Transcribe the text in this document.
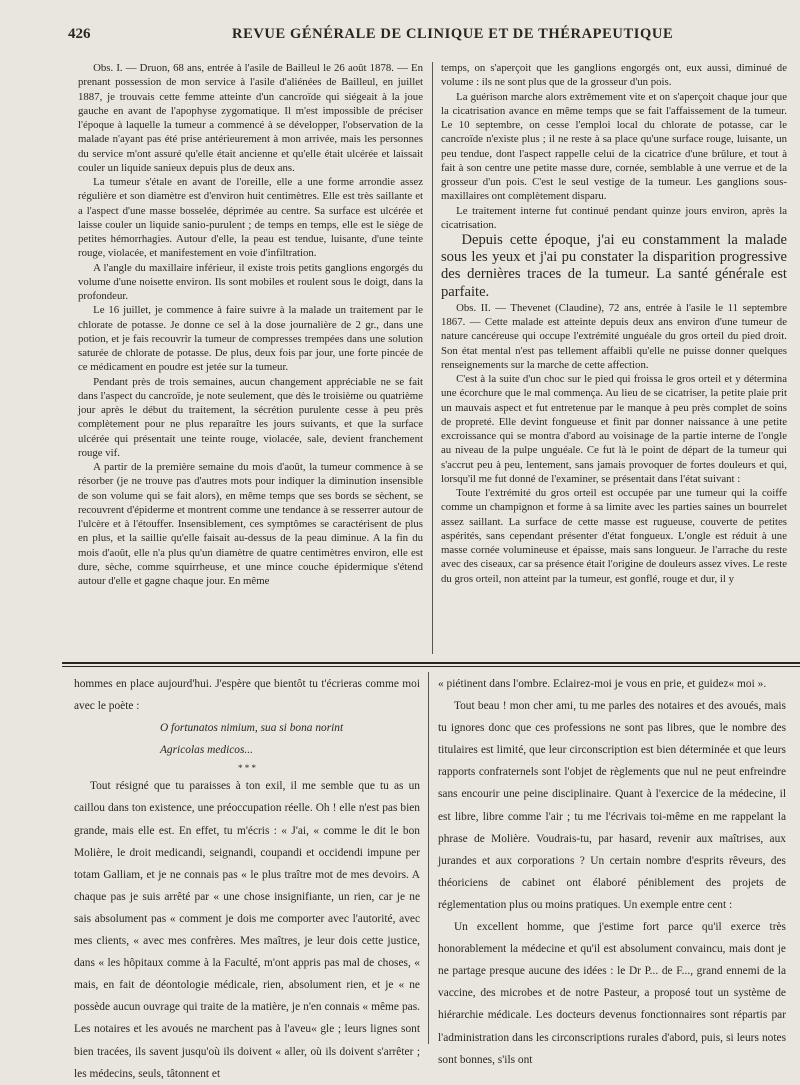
426	REVUE GÉNÉRALE DE CLINIQUE ET DE THÉRAPEUTIQUE

Obs. I. — Druon, 68 ans, entrée à l'asile de Bailleul le 26 août 1878. — En prenant possession de mon service à l'asile d'aliénées de Bailleul, en juillet 1887, je trouvais cette femme atteinte d'un cancroïde qui siégeait à la joue gauche en avant de l'apophyse zygomatique. Il m'est impossible de préciser l'époque à laquelle la tumeur a commencé à se développer, l'observation de la malade n'ayant pas été prise antérieurement à mon arrivée, mais les personnes du service m'ont assuré qu'elle était ancienne et qu'elle était ulcérée et laissait couler un liquide sanieux depuis plus de deux ans.

La tumeur s'étale en avant de l'oreille, elle a une forme arrondie assez régulière et son diamètre est d'environ huit centimètres. Elle est très saillante et a l'aspect d'une masse bosselée, déprimée au centre. Sa surface est ulcérée et laisse couler un liquide sanio-purulent ; de temps en temps, elle est le siège de petites hémorrhagies. Autour d'elle, la peau est tendue, luisante, d'une teinte rouge, violacée, et manifestement en voie d'infiltration.

A l'angle du maxillaire inférieur, il existe trois petits ganglions engorgés du volume d'une noisette environ. Ils sont mobiles et roulent sous le doigt, dans la profondeur.

Le 16 juillet, je commence à faire suivre à la malade un traitement par le chlorate de potasse. Je donne ce sel à la dose journalière de 2 gr., dans une potion, et je fais recouvrir la tumeur de compresses trempées dans une solution saturée de chlorate de potasse. De plus, deux fois par jour, une forte pincée de ce médicament en poudre est jetée sur la tumeur.

Pendant près de trois semaines, aucun changement appréciable ne se fait dans l'aspect du cancroïde, je note seulement, que dès le troisième ou quatrième jour après le début du traitement, la sécrétion purulente cesse à peu près complètement pour ne plus reparaître les jours suivants, et que la surface ulcérée qui présentait une teinte rouge, violacée, sale, devient franchement rouge vif.

A partir de la première semaine du mois d'août, la tumeur commence à se résorber (je ne trouve pas d'autres mots pour indiquer la diminution insensible de son volume qui se fait alors), en même temps que ses bords se sèchent, se recouvrent d'épiderme et montrent comme une tendance à se resserrer autour de l'ulcère et à l'étouffer. Insensiblement, ces symptômes se caractérisent de plus en plus, et la saillie qu'elle faisait au-dessus de la peau diminue. A la fin du mois d'août, elle n'a plus qu'un diamètre de quatre centimètres environ, elle est dure, sèche, comme squirrheuse, et une mince couche épidermique s'étend autour d'elle et gagne chaque jour. En même

temps, on s'aperçoit que les ganglions engorgés ont, eux aussi, diminué de volume : ils ne sont plus que de la grosseur d'un pois.

La guérison marche alors extrêmement vite et on s'aperçoit chaque jour que la cicatrisation avance en même temps que se fait l'affaissement de la tumeur. Le 10 septembre, on cesse l'emploi local du chlorate de potasse, car le cancroïde n'existe plus ; il ne reste à sa place qu'une surface rouge, luisante, un peu tendue, dont l'aspect rappelle celui de la cicatrice d'une brûlure, et tout à fait à son centre une petite masse dure, cornée, semblable à une verrue et de la grosseur d'un pois. C'est le seul vestige de la tumeur. Les ganglions sous-maxillaires ont complètement disparu.

Le traitement interne fut continué pendant quinze jours environ, après la cicatrisation.

Depuis cette époque, j'ai eu constamment la malade sous les yeux et j'ai pu constater la disparition progressive des dernières traces de la tumeur. La santé générale est parfaite.

Obs. II. — Thevenet (Claudine), 72 ans, entrée à l'asile le 11 septembre 1867. — Cette malade est atteinte depuis deux ans environ d'une tumeur de nature cancéreuse qui occupe l'extrémité unguéale du gros orteil du pied droit. Son état mental n'est pas tellement affaibli qu'elle ne puisse donner quelques renseignements sur la marche de cette affection.

C'est à la suite d'un choc sur le pied qui froissa le gros orteil et y détermina une écorchure que le mal commença. Au lieu de se cicatriser, la petite plaie prit un mauvais aspect et fut entretenue par le manque à peu près complet de soins de propreté. Elle devint fongueuse et finit par donner naissance à une petite excroissance qui se montra d'abord au voisinage de la partie interne de l'ongle au niveau de la pulpe unguéale. Ce fut là le point de départ de la tumeur qui s'accrut peu à peu, lentement, sans jamais provoquer de fortes douleurs et qui, lorsqu'il me fut donné de l'examiner, se présentait dans l'état suivant :

Toute l'extrémité du gros orteil est occupée par une tumeur qui la coiffe comme un champignon et forme à sa limite avec les parties saines un bourrelet assez saillant. La surface de cette masse est rugueuse, couverte de petites aspérités, sans cependant présenter d'état fongueux. L'ongle est réduit à une masse cornée volumineuse et épaisse, mais sans longueur. Je l'arrache du reste avec des ciseaux, car sa présence était l'origine de douleurs assez vives. Le reste du gros orteil, non atteint par la tumeur, est gonflé, rouge et dur, il y

hommes en place aujourd'hui. J'espère que bientôt tu t'écrieras comme moi avec le poète :

O fortunatos nimium, sua si bona norint

Agricolas medicos...

* * *

Tout résigné que tu paraisses à ton exil, il me semble que tu as un caillou dans ton existence, une préoccupation réelle. Oh ! elle n'est pas bien grande, mais elle est. En effet, tu m'écris : « J'ai, « comme le dit le bon Molière, le droit medicandi, seignandi, coupandi et occidendi impune per totam Galliam, et je ne connais pas « le plus traître mot de mes devoirs. A chaque pas je suis arrêté par « une chose insignifiante, un rien, car je ne sais absolument pas « comment je dois me comporter avec l'autorité, avec mes clients, « avec mes confrères. Mes maîtres, je leur dois cette justice, dans « les hôpitaux comme à la Faculté, m'ont appris pas mal de choses, « mais, en fait de déontologie médicale, rien, absolument rien, et je « ne possède aucun ouvrage qui traite de la matière, je n'en connais « même pas. Les notaires et les avoués ne marchent pas à l'aveu« gle ; leurs lignes sont bien tracées, ils savent jusqu'où ils doivent « aller, où ils doivent s'arrêter ; les médecins, seuls, tâtonnent et

« piétinent dans l'ombre. Eclairez-moi je vous en prie, et guidez« moi ».

Tout beau ! mon cher ami, tu me parles des notaires et des avoués, mais tu ignores donc que ces professions ne sont pas libres, que le nombre des titulaires est limité, que leur circonscription est bien déterminée et que leurs rapports confraternels sont l'objet de règlements que nul ne peut enfreindre sans encourir une peine disciplinaire. Quant à l'exercice de la médecine, il est libre, libre comme l'air ; tu me l'écrivais toi-même en me rappelant la phrase de Molière. Voudrais-tu, par hasard, revenir aux maîtrises, aux jurandes et aux corporations ? Un certain nombre d'esprits rêveurs, des théoriciens de cabinet ont élaboré péniblement des projets de réglementation plus ou moins pratiques. Un exemple entre cent :

Un excellent homme, que j'estime fort parce qu'il exerce très honorablement la médecine et qu'il est absolument convaincu, mais dont je ne partage presque aucune des idées : le Dr P... de F..., grand ennemi de la vaccine, des microbes et de notre Pasteur, a proposé tout un système de hiérarchie médicale. Les docteurs devenus fonctionnaires sont répartis par l'administration dans les circonscriptions rurales d'abord, puis, si leurs notes sont bonnes, s'ils ont
